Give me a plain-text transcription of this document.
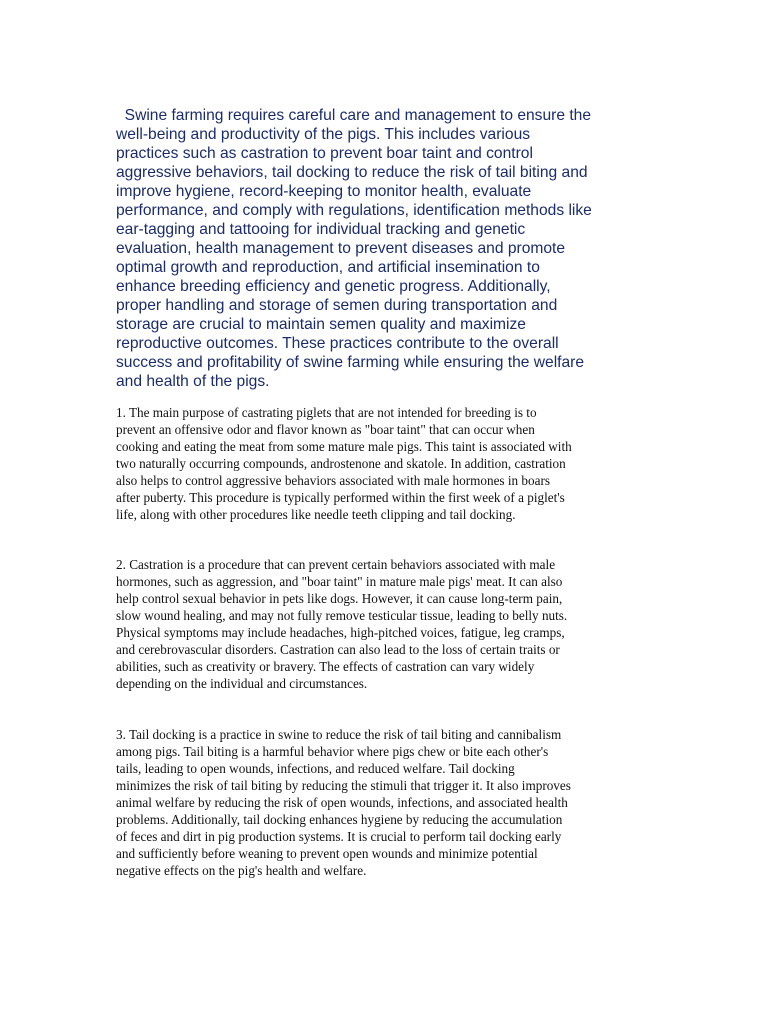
Swine farming requires careful care and management to ensure the
well-being and productivity of the pigs. This includes various
practices such as castration to prevent boar taint and control
aggressive behaviors, tail docking to reduce the risk of tail biting and
improve hygiene, record-keeping to monitor health, evaluate
performance, and comply with regulations, identification methods like
ear-tagging and tattooing for individual tracking and genetic
evaluation, health management to prevent diseases and promote
optimal growth and reproduction, and artificial insemination to
enhance breeding efficiency and genetic progress. Additionally,
proper handling and storage of semen during transportation and
storage are crucial to maintain semen quality and maximize
reproductive outcomes. These practices contribute to the overall
success and profitability of swine farming while ensuring the welfare
and health of the pigs.

1. The main purpose of castrating piglets that are not intended for breeding is to
prevent an offensive odor and flavor known as "boar taint" that can occur when
cooking and eating the meat from some mature male pigs. This taint is associated with
two naturally occurring compounds, androstenone and skatole. In addition, castration
also helps to control aggressive behaviors associated with male hormones in boars
after puberty. This procedure is typically performed within the first week of a piglet's
life, along with other procedures like needle teeth clipping and tail docking.

2. Castration is a procedure that can prevent certain behaviors associated with male
hormones, such as aggression, and "boar taint" in mature male pigs' meat. It can also
help control sexual behavior in pets like dogs. However, it can cause long-term pain,
slow wound healing, and may not fully remove testicular tissue, leading to belly nuts.
Physical symptoms may include headaches, high-pitched voices, fatigue, leg cramps,
and cerebrovascular disorders. Castration can also lead to the loss of certain traits or
abilities, such as creativity or bravery. The effects of castration can vary widely
depending on the individual and circumstances.

3. Tail docking is a practice in swine to reduce the risk of tail biting and cannibalism
among pigs. Tail biting is a harmful behavior where pigs chew or bite each other's
tails, leading to open wounds, infections, and reduced welfare. Tail docking
minimizes the risk of tail biting by reducing the stimuli that trigger it. It also improves
animal welfare by reducing the risk of open wounds, infections, and associated health
problems. Additionally, tail docking enhances hygiene by reducing the accumulation
of feces and dirt in pig production systems. It is crucial to perform tail docking early
and sufficiently before weaning to prevent open wounds and minimize potential
negative effects on the pig's health and welfare.
